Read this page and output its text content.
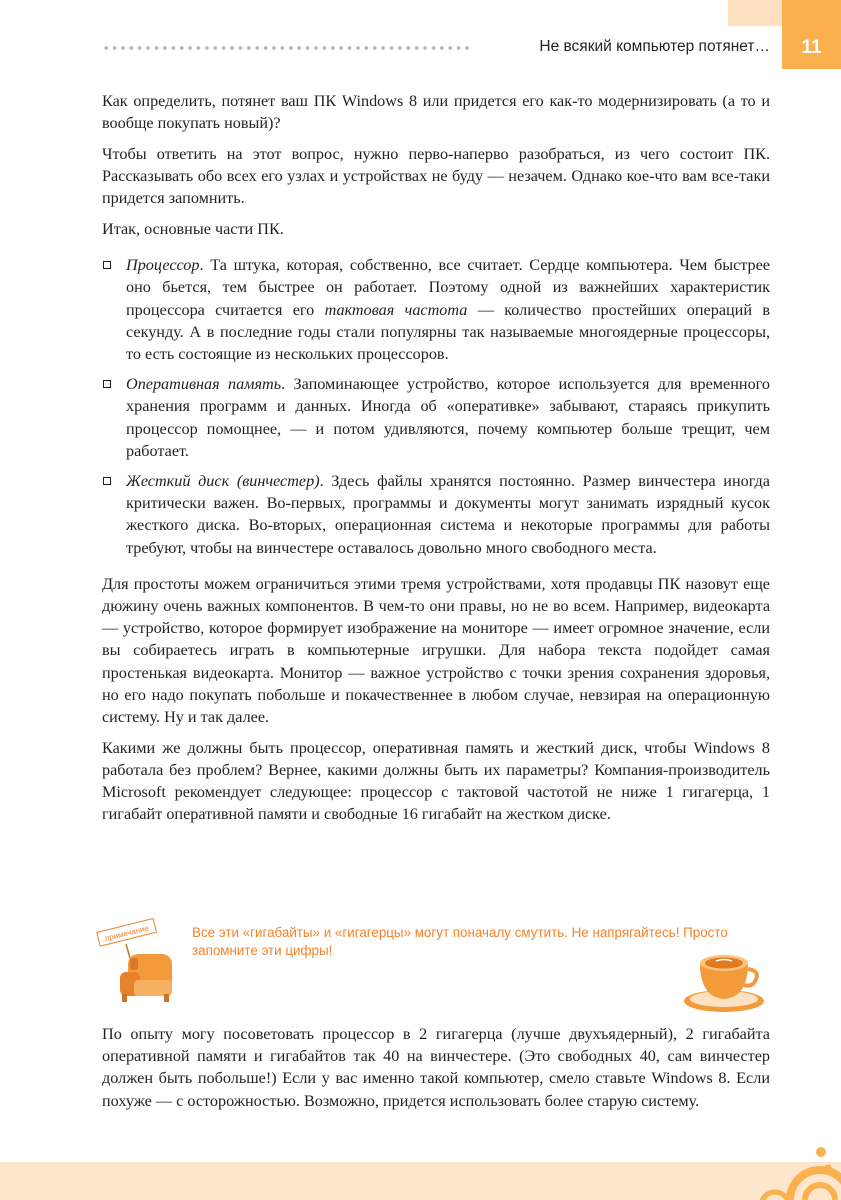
11
Не всякий компьютер потянет…

Как определить, потянет ваш ПК Windows 8 или придется его как-то модернизировать (а то и вообще покупать новый)?

Чтобы ответить на этот вопрос, нужно перво-наперво разобраться, из чего состоит ПК. Рассказывать обо всех его узлах и устройствах не буду — незачем. Однако кое-что вам все-таки придется запомнить.

Итак, основные части ПК.

Процессор. Та штука, которая, собственно, все считает. Сердце компьютера. Чем быстрее оно бьется, тем быстрее он работает. Поэтому одной из важнейших характеристик процессора считается его тактовая частота — количество простейших операций в секунду. А в последние годы стали популярны так называемые многоядерные процессоры, то есть состоящие из нескольких процессоров.
Оперативная память. Запоминающее устройство, которое используется для временного хранения программ и данных. Иногда об «оперативке» забывают, стараясь прикупить процессор помощнее, — и потом удивляются, почему компьютер больше трещит, чем работает.
Жесткий диск (винчестер). Здесь файлы хранятся постоянно. Размер винчестера иногда критически важен. Во-первых, программы и документы могут занимать изрядный кусок жесткого диска. Во-вторых, операционная система и некоторые программы для работы требуют, чтобы на винчестере оставалось довольно много свободного места.

Для простоты можем ограничиться этими тремя устройствами, хотя продавцы ПК назовут еще дюжину очень важных компонентов. В чем-то они правы, но не во всем. Например, видеокарта — устройство, которое формирует изображение на мониторе — имеет огромное значение, если вы собираетесь играть в компьютерные игрушки. Для набора текста подойдет самая простенькая видеокарта. Монитор — важное устройство с точки зрения сохранения здоровья, но его надо покупать побольше и покачественнее в любом случае, невзирая на операционную систему. Ну и так далее.

Какими же должны быть процессор, оперативная память и жесткий диск, чтобы Windows 8 работала без проблем? Вернее, какими должны быть их параметры? Компания-производитель Microsoft рекомендует следующее: процессор с тактовой частотой не ниже 1 гигагерца, 1 гигабайт оперативной памяти и свободные 16 гигабайт на жестком диске.

примечание	Все эти «гигабайты» и «гигагерцы» могут поначалу смутить. Не напрягайтесь! Просто запомните эти цифры!

По опыту могу посоветовать процессор в 2 гигагерца (лучше двухъядерный), 2 гигабайта оперативной памяти и гигабайтов так 40 на винчестере. (Это свободных 40, сам винчестер должен быть побольше!) Если у вас именно такой компьютер, смело ставьте Windows 8. Если похуже — с осторожностью. Возможно, придется использовать более старую систему.
